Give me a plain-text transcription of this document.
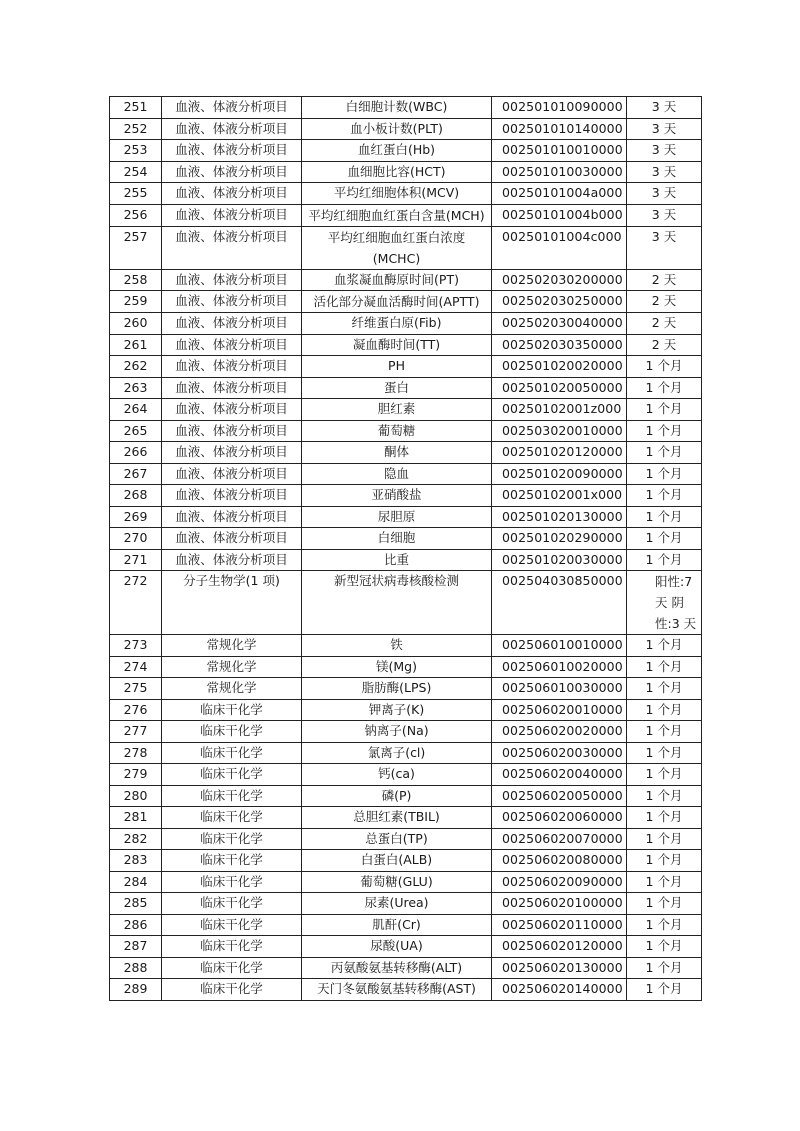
251	血液、体液分析项目	白细胞计数(WBC)	002501010090000	3 天
252	血液、体液分析项目	血小板计数(PLT)	002501010140000	3 天
253	血液、体液分析项目	血红蛋白(Hb)	002501010010000	3 天
254	血液、体液分析项目	血细胞比容(HCT)	002501010030000	3 天
255	血液、体液分析项目	平均红细胞体积(MCV)	00250101004a000	3 天
256	血液、体液分析项目	平均红细胞血红蛋白含量(MCH)	00250101004b000	3 天
257	血液、体液分析项目	平均红细胞血红蛋白浓度(MCHC)	00250101004c000	3 天
258	血液、体液分析项目	血浆凝血酶原时间(PT)	002502030200000	2 天
259	血液、体液分析项目	活化部分凝血活酶时间(APTT)	002502030250000	2 天
260	血液、体液分析项目	纤维蛋白原(Fib)	002502030040000	2 天
261	血液、体液分析项目	凝血酶时间(TT)	002502030350000	2 天
262	血液、体液分析项目	PH	002501020020000	1 个月
263	血液、体液分析项目	蛋白	002501020050000	1 个月
264	血液、体液分析项目	胆红素	00250102001z000	1 个月
265	血液、体液分析项目	葡萄糖	002503020010000	1 个月
266	血液、体液分析项目	酮体	002501020120000	1 个月
267	血液、体液分析项目	隐血	002501020090000	1 个月
268	血液、体液分析项目	亚硝酸盐	00250102001x000	1 个月
269	血液、体液分析项目	尿胆原	002501020130000	1 个月
270	血液、体液分析项目	白细胞	002501020290000	1 个月
271	血液、体液分析项目	比重	002501020030000	1 个月
272	分子生物学(1 项)	新型冠状病毒核酸检测	002504030850000	阳性:7 天 阴性:3 天
273	常规化学	铁	002506010010000	1 个月
274	常规化学	镁(Mg)	002506010020000	1 个月
275	常规化学	脂肪酶(LPS)	002506010030000	1 个月
276	临床干化学	钾离子(K)	002506020010000	1 个月
277	临床干化学	钠离子(Na)	002506020020000	1 个月
278	临床干化学	氯离子(cl)	002506020030000	1 个月
279	临床干化学	钙(ca)	002506020040000	1 个月
280	临床干化学	磷(P)	002506020050000	1 个月
281	临床干化学	总胆红素(TBIL)	002506020060000	1 个月
282	临床干化学	总蛋白(TP)	002506020070000	1 个月
283	临床干化学	白蛋白(ALB)	002506020080000	1 个月
284	临床干化学	葡萄糖(GLU)	002506020090000	1 个月
285	临床干化学	尿素(Urea)	002506020100000	1 个月
286	临床干化学	肌酐(Cr)	002506020110000	1 个月
287	临床干化学	尿酸(UA)	002506020120000	1 个月
288	临床干化学	丙氨酸氨基转移酶(ALT)	002506020130000	1 个月
289	临床干化学	天门冬氨酸氨基转移酶(AST)	002506020140000	1 个月
